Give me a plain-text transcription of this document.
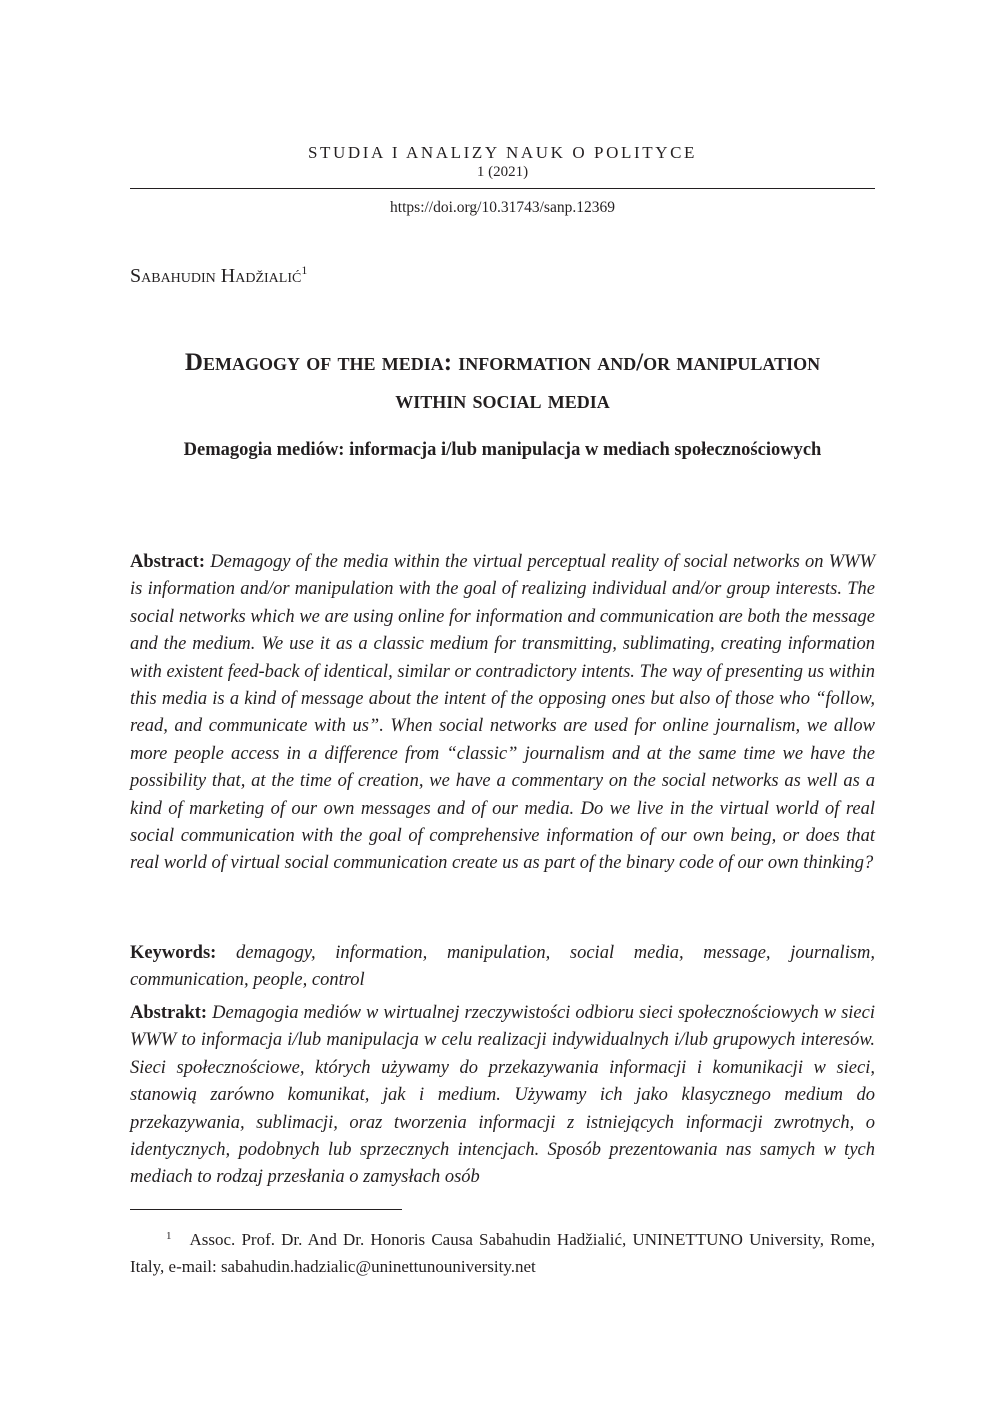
STUDIA I ANALIZY NAUK O POLITYCE
1 (2021)
https://doi.org/10.31743/sanp.12369
Sabahudin Hadžialić$^1$
Demagogy of the media: information and/or manipulation
within social media
Demagogia mediów: informacja i/lub manipulacja w mediach społecznościowych
Abstract: Demagogy of the media within the virtual perceptual reality of social networks on WWW is information and/or manipulation with the goal of realizing individual and/or group interests. The social networks which we are using online for information and communication are both the message and the medium. We use it as a classic medium for transmitting, sublimating, creating information with existent feed-back of identical, similar or contradictory intents. The way of presenting us within this media is a kind of message about the intent of the opposing ones but also of those who “follow, read, and communicate with us”. When social networks are used for online journalism, we allow more people access in a difference from “classic” journalism and at the same time we have the possibility that, at the time of creation, we have a commentary on the social networks as well as a kind of marketing of our own messages and of our media. Do we live in the virtual world of real social communication with the goal of comprehensive information of our own being, or does that real world of virtual social communication create us as part of the binary code of our own thinking?
Keywords: demagogy, information, manipulation, social media, message, journalism, communication, people, control
Abstrakt: Demagogia mediów w wirtualnej rzeczywistości odbioru sieci społecznościowych w sieci WWW to informacja i/lub manipulacja w celu realizacji indywidualnych i/lub grupowych interesów. Sieci społecznościowe, których używamy do przekazywania informacji i komunikacji w sieci, stanowią zarówno komunikat, jak i medium. Używamy ich jako klasycznego medium do przekazywania, sublimacji, oraz tworzenia informacji z istniejących informacji zwrotnych, o identycznych, podobnych lub sprzecznych intencjach. Sposób prezentowania nas samych w tych mediach to rodzaj przesłania o zamysłach osób
$^1$ Assoc. Prof. Dr. And Dr. Honoris Causa Sabahudin Hadžialić, UNINETTUNO University, Rome, Italy, e-mail: sabahudin.hadzialic@uninettunouniversity.net
